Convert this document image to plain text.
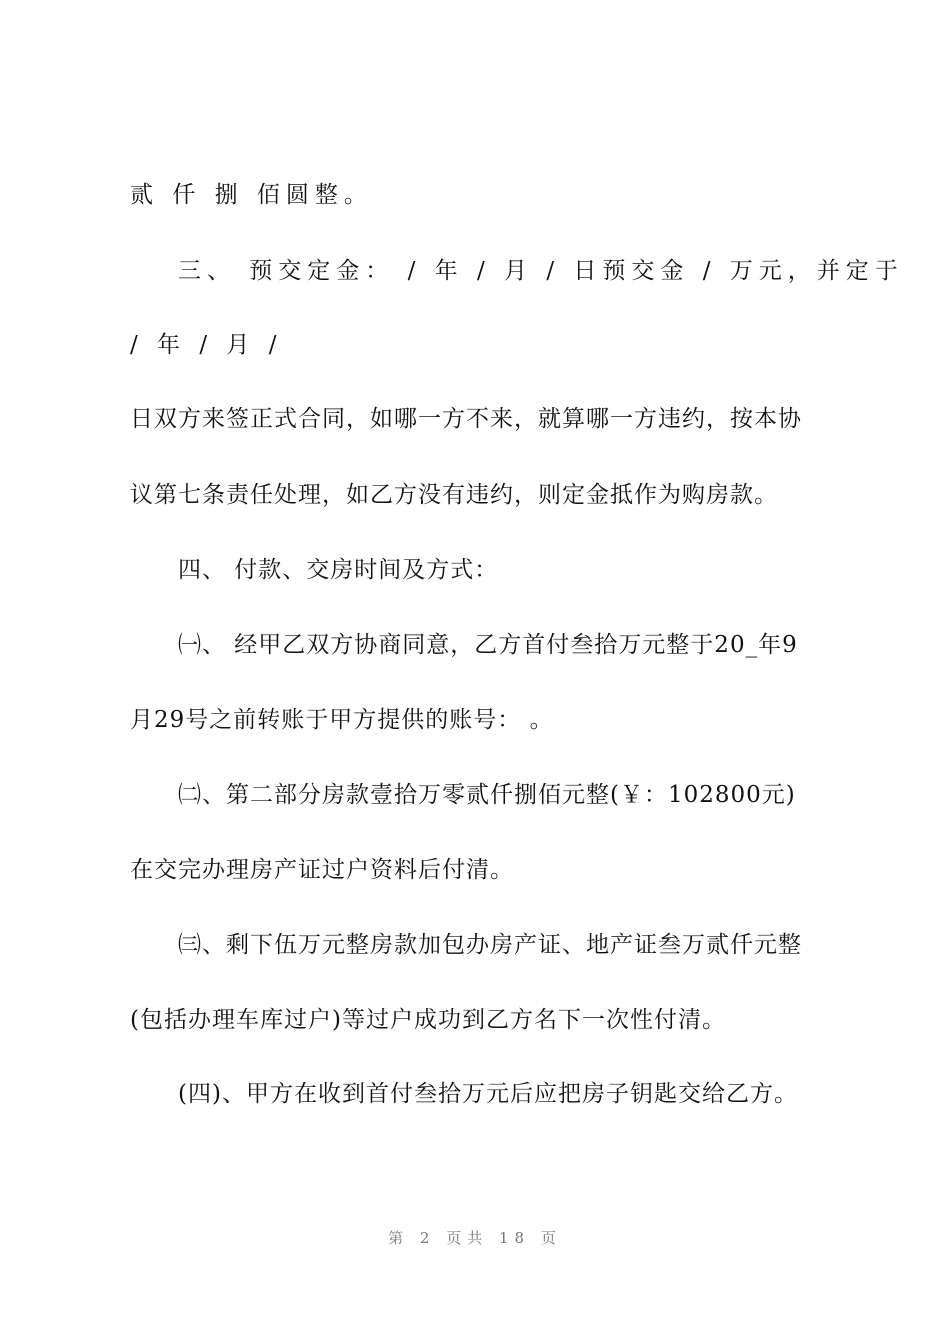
贰 仟 捌 佰圆整。
三、 预交定金： / 年 / 月 / 日预交金 / 万元，并定于
/ 年 / 月 /
日双方来签正式合同，如哪一方不来，就算哪一方违约，按本协
议第七条责任处理，如乙方没有违约，则定金抵作为购房款。
四、 付款、交房时间及方式：
㈠、 经甲乙双方协商同意，乙方首付叁拾万元整于20_年9
月29号之前转账于甲方提供的账号： 。
㈡、第二部分房款壹拾万零贰仟捌佰元整(￥：102800元)
在交完办理房产证过户资料后付清。
㈢、剩下伍万元整房款加包办房产证、地产证叁万贰仟元整
(包括办理车库过户)等过户成功到乙方名下一次性付清。
(四)、甲方在收到首付叁拾万元后应把房子钥匙交给乙方。
第 2 页共 18 页
